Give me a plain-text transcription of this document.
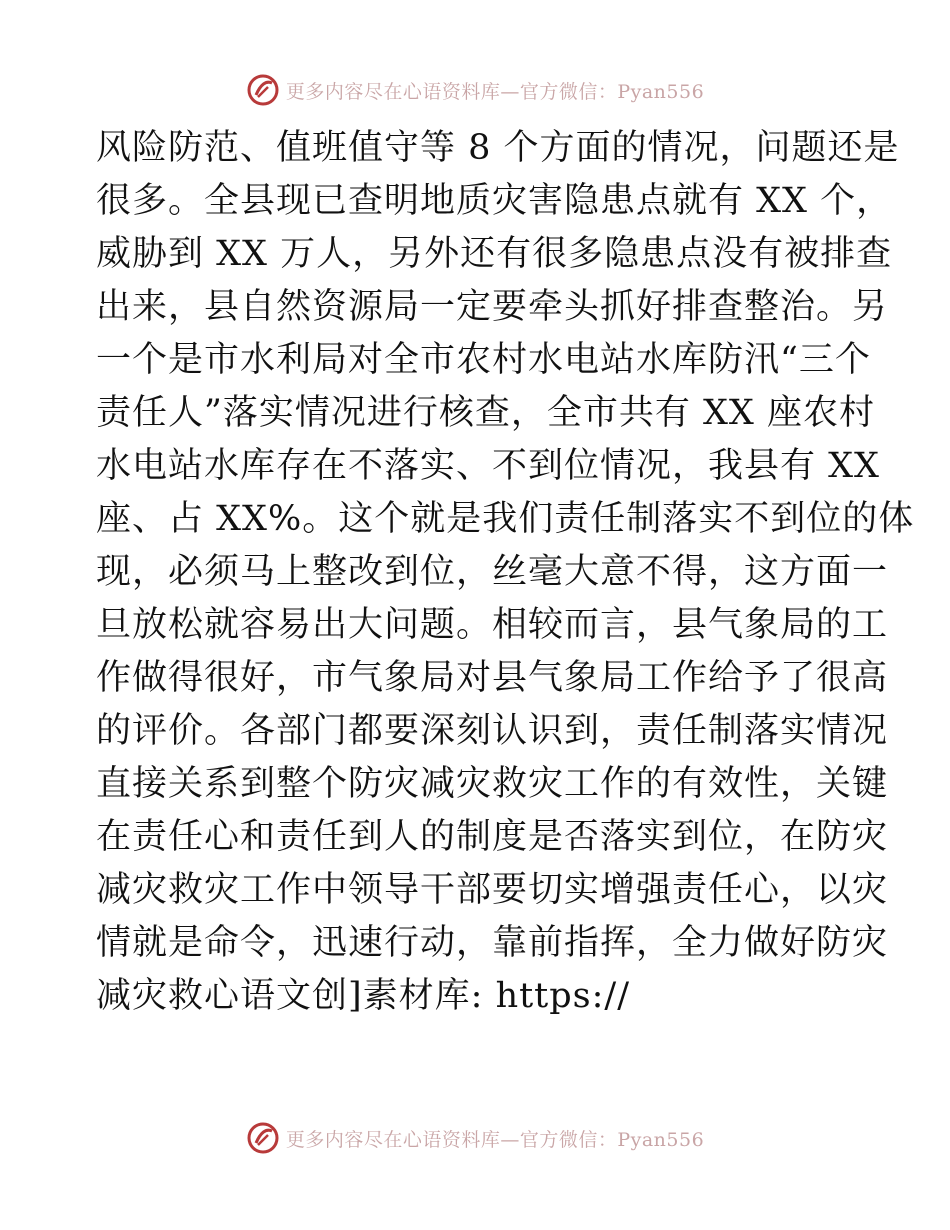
更多内容尽在心语资料库—官方微信：Pyan556
风险防范、值班值守等 8 个方面的情况，问题还是
很多。全县现已查明地质灾害隐患点就有 XX 个，
威胁到 XX 万人，另外还有很多隐患点没有被排查
出来，县自然资源局一定要牵头抓好排查整治。另
一个是市水利局对全市农村水电站水库防汛“三个
责任人”落实情况进行核查，全市共有 XX 座农村
水电站水库存在不落实、不到位情况，我县有 XX
座、占 XX%。这个就是我们责任制落实不到位的体
现，必须马上整改到位，丝毫大意不得，这方面一
旦放松就容易出大问题。相较而言，县气象局的工
作做得很好，市气象局对县气象局工作给予了很高
的评价。各部门都要深刻认识到，责任制落实情况
直接关系到整个防灾减灾救灾工作的有效性，关键
在责任心和责任到人的制度是否落实到位，在防灾
减灾救灾工作中领导干部要切实增强责任心，以灾
情就是命令，迅速行动，靠前指挥，全力做好防灾
减灾救心语文创]素材库: https://
更多内容尽在心语资料库—官方微信：Pyan556
